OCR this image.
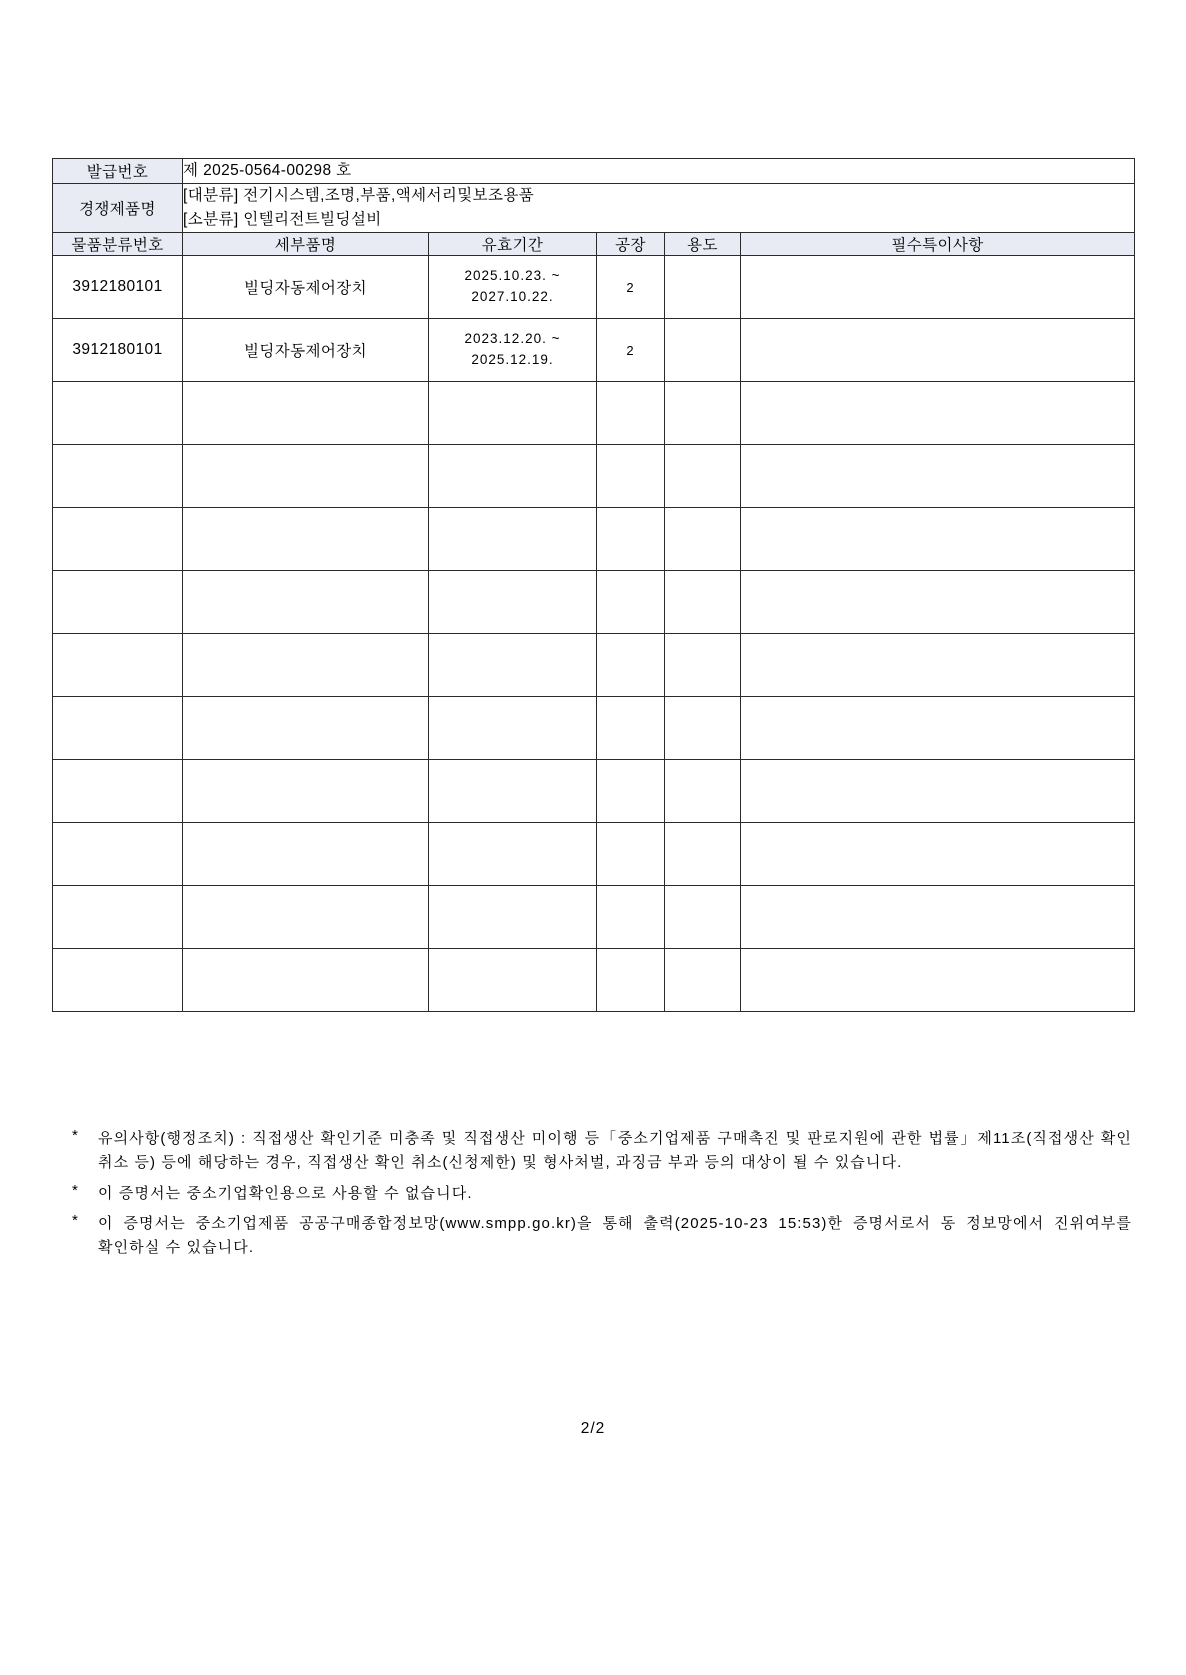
발급번호	제 2025-0564-00298 호				
경쟁제품명	[대분류] 전기시스템,조명,부품,액세서리및보조용품
[소분류] 인텔리전트빌딩설비				

물품분류번호	세부품명	유효기간	공장	용도	필수특이사항
3912180101	빌딩자동제어장치	2025.10.23. ~
2027.10.22.	2		
3912180101	빌딩자동제어장치	2023.12.20. ~
2025.12.19.	2		

*	유의사항(행정조치) : 직접생산 확인기준 미충족 및 직접생산 미이행 등「중소기업제품 구매촉진 및 판로지원에 관한 법률」제11조(직접생산 확인 취소 등) 등에 해당하는 경우, 직접생산 확인 취소(신청제한) 및 형사처벌, 과징금 부과 등의 대상이 될 수 있습니다.
*	이 증명서는 중소기업확인용으로 사용할 수 없습니다.
*	이 증명서는 중소기업제품 공공구매종합정보망(www.smpp.go.kr)을 통해 출력(2025-10-23 15:53)한 증명서로서 동 정보망에서 진위여부를 확인하실 수 있습니다.
2/2
